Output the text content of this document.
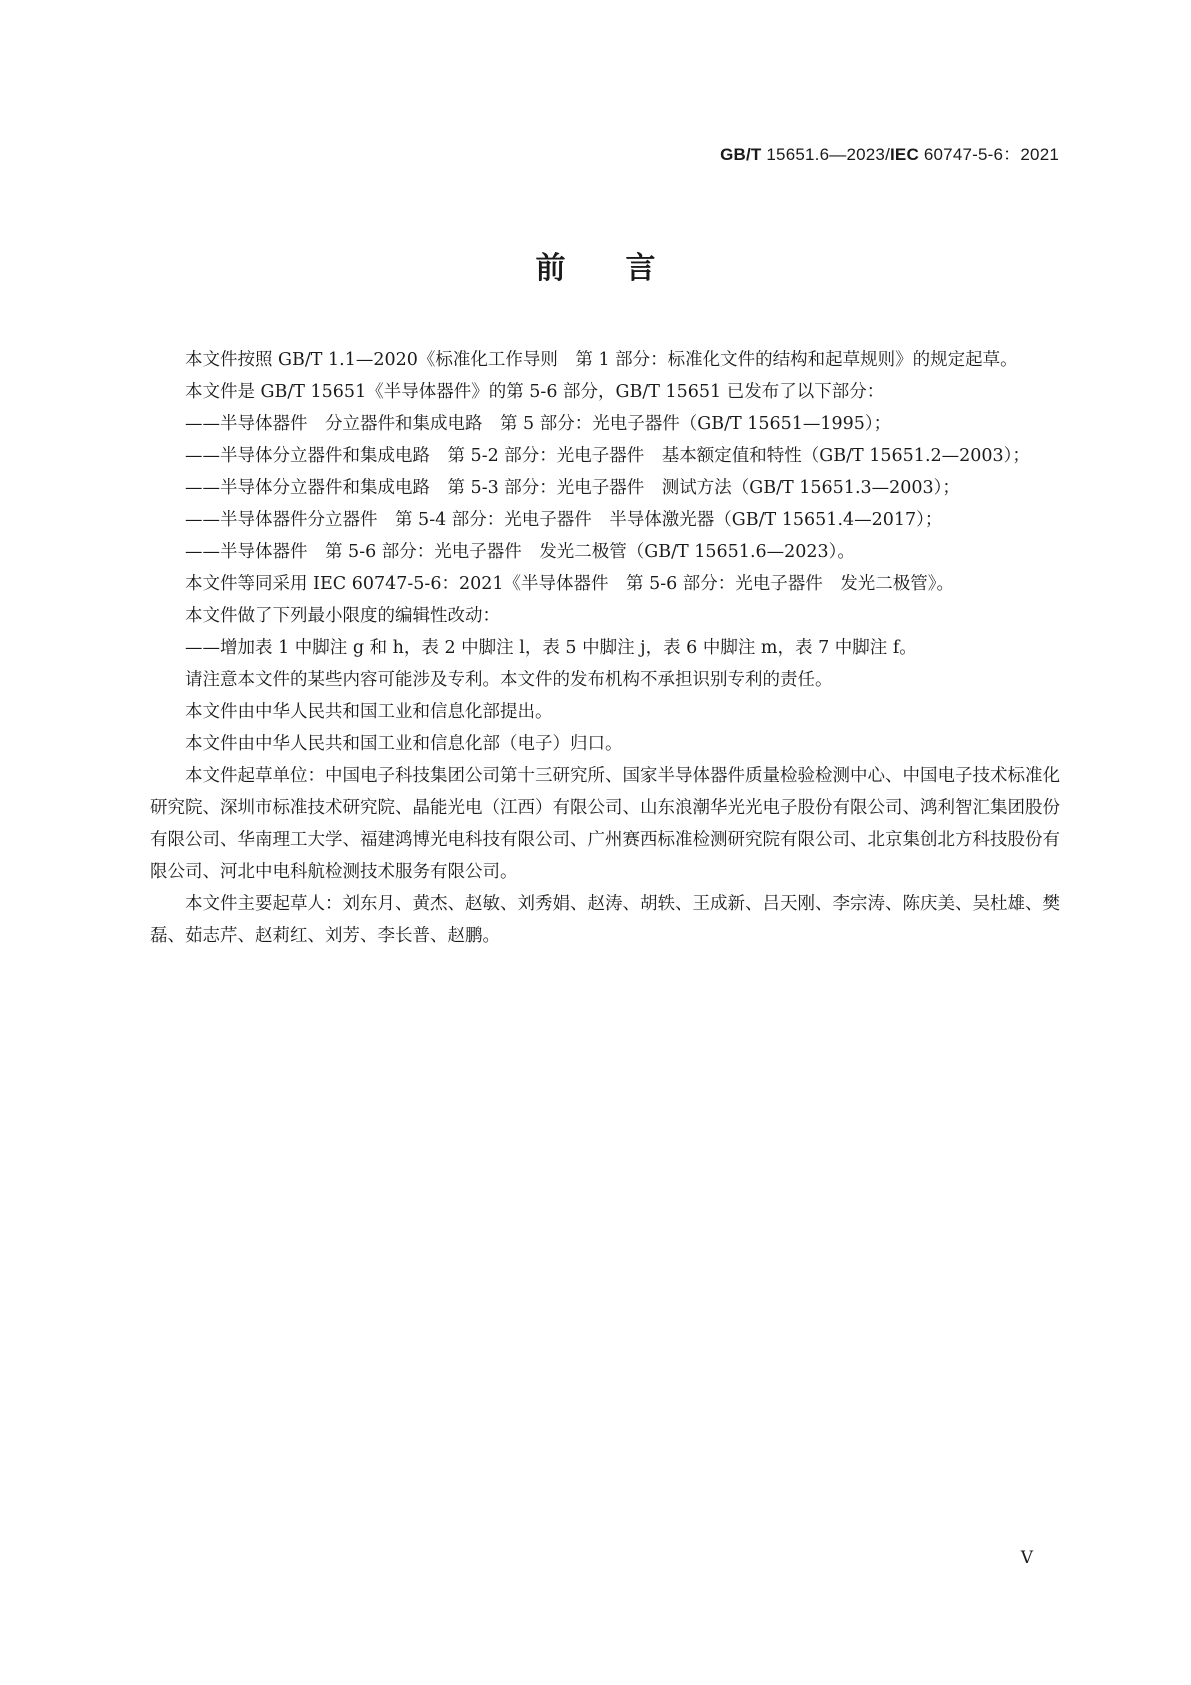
GB/T 15651.6—2023/IEC 60747-5-6：2021
前言

本文件按照 GB/T 1.1—2020《标准化工作导则　第 1 部分：标准化文件的结构和起草规则》的规定起草。

本文件是 GB/T 15651《半导体器件》的第 5-6 部分，GB/T 15651 已发布了以下部分：

——半导体器件　分立器件和集成电路　第 5 部分：光电子器件（GB/T 15651—1995）；

——半导体分立器件和集成电路　第 5-2 部分：光电子器件　基本额定值和特性（GB/T 15651.2—2003）；

——半导体分立器件和集成电路　第 5-3 部分：光电子器件　测试方法（GB/T 15651.3—2003）；

——半导体器件分立器件　第 5-4 部分：光电子器件　半导体激光器（GB/T 15651.4—2017）；

——半导体器件　第 5-6 部分：光电子器件　发光二极管（GB/T 15651.6—2023）。

本文件等同采用 IEC 60747-5-6：2021《半导体器件　第 5-6 部分：光电子器件　发光二极管》。

本文件做了下列最小限度的编辑性改动：

——增加表 1 中脚注 g 和 h，表 2 中脚注 l，表 5 中脚注 j，表 6 中脚注 m，表 7 中脚注 f。

请注意本文件的某些内容可能涉及专利。本文件的发布机构不承担识别专利的责任。

本文件由中华人民共和国工业和信息化部提出。

本文件由中华人民共和国工业和信息化部（电子）归口。

本文件起草单位：中国电子科技集团公司第十三研究所、国家半导体器件质量检验检测中心、中国电子技术标准化研究院、深圳市标准技术研究院、晶能光电（江西）有限公司、山东浪潮华光光电子股份有限公司、鸿利智汇集团股份有限公司、华南理工大学、福建鸿博光电科技有限公司、广州赛西标准检测研究院有限公司、北京集创北方科技股份有限公司、河北中电科航检测技术服务有限公司。

本文件主要起草人：刘东月、黄杰、赵敏、刘秀娟、赵涛、胡轶、王成新、吕天刚、李宗涛、陈庆美、吴杜雄、樊磊、茹志芹、赵莉红、刘芳、李长普、赵鹏。

V
